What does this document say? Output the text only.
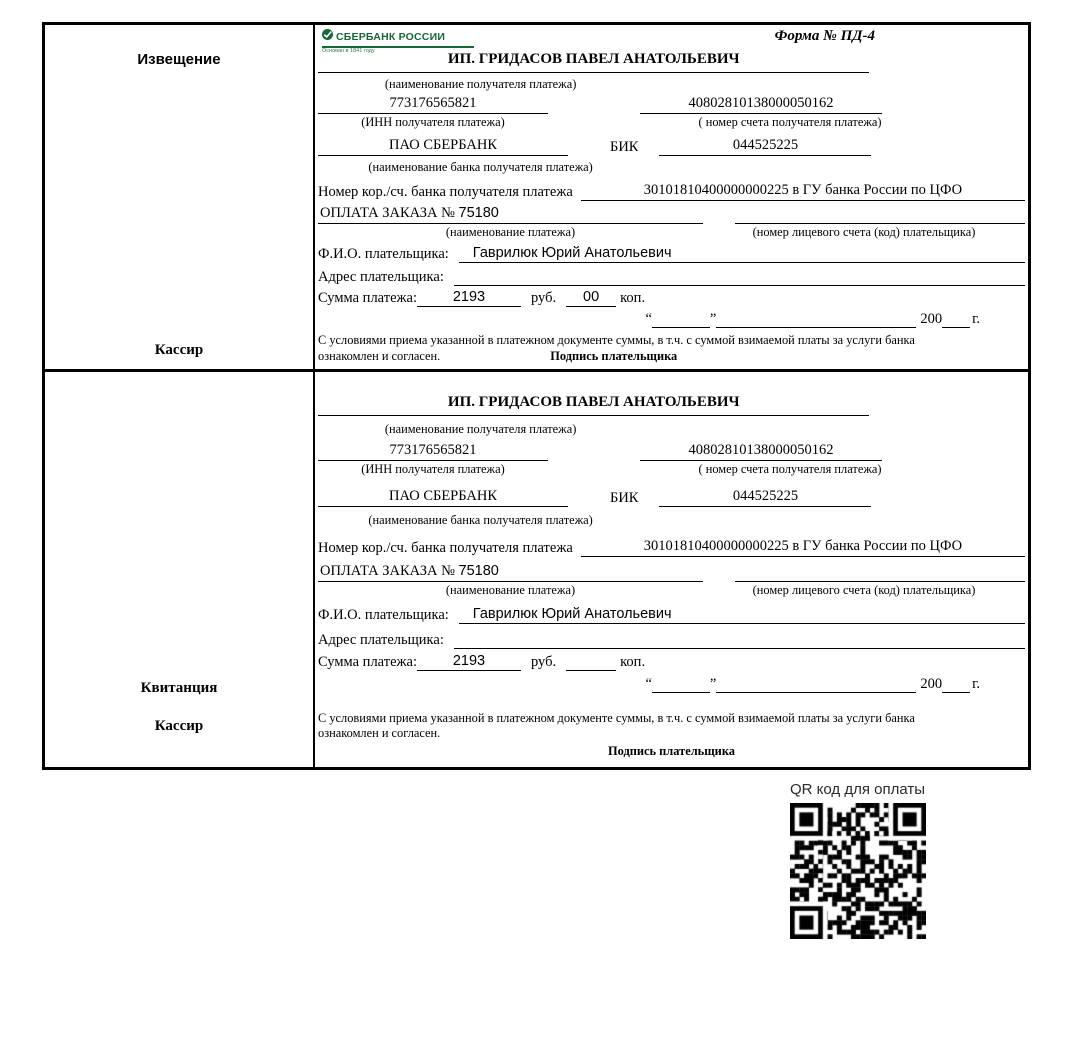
Извещение
Кассир
СБЕРБАНК РОССИИ
Основан в 1841 году
Форма № ПД-4
ИП. ГРИДАСОВ ПАВЕЛ АНАТОЛЬЕВИЧ
(наименование получателя платежа)
773176565821	40802810138000050162
(ИНН получателя платежа)	( номер счета получателя платежа)
ПАО СБЕРБАНК	БИК	044525225
(наименование банка получателя платежа)
Номер кор./сч. банка получателя платежа	30101810400000000225 в ГУ банка России по ЦФО
ОПЛАТА ЗАКАЗА № 75180
(наименование платежа)	(номер лицевого счета (код) плательщика)
Ф.И.О. плательщика:	Гаврилюк Юрий Анатольевич
Адрес плательщика:
Сумма платежа:	2193	руб.	00	коп.
“	”	200 г.
С условиями приема указанной в платежном документе суммы, в т.ч. с суммой взимаемой платы за услуги банка
ознакомлен и согласен.	Подпись плательщика
Квитанция
Кассир
ИП. ГРИДАСОВ ПАВЕЛ АНАТОЛЬЕВИЧ
(наименование получателя платежа)
773176565821	40802810138000050162
(ИНН получателя платежа)	( номер счета получателя платежа)
ПАО СБЕРБАНК	БИК	044525225
(наименование банка получателя платежа)
Номер кор./сч. банка получателя платежа	30101810400000000225 в ГУ банка России по ЦФО
ОПЛАТА ЗАКАЗА № 75180
(наименование платежа)	(номер лицевого счета (код) плательщика)
Ф.И.О. плательщика:	Гаврилюк Юрий Анатольевич
Адрес плательщика:
Сумма платежа:	2193	руб.	коп.
“	”	200 г.
С условиями приема указанной в платежном документе суммы, в т.ч. с суммой взимаемой платы за услуги банка
ознакомлен и согласен.
Подпись плательщика
QR код для оплаты
